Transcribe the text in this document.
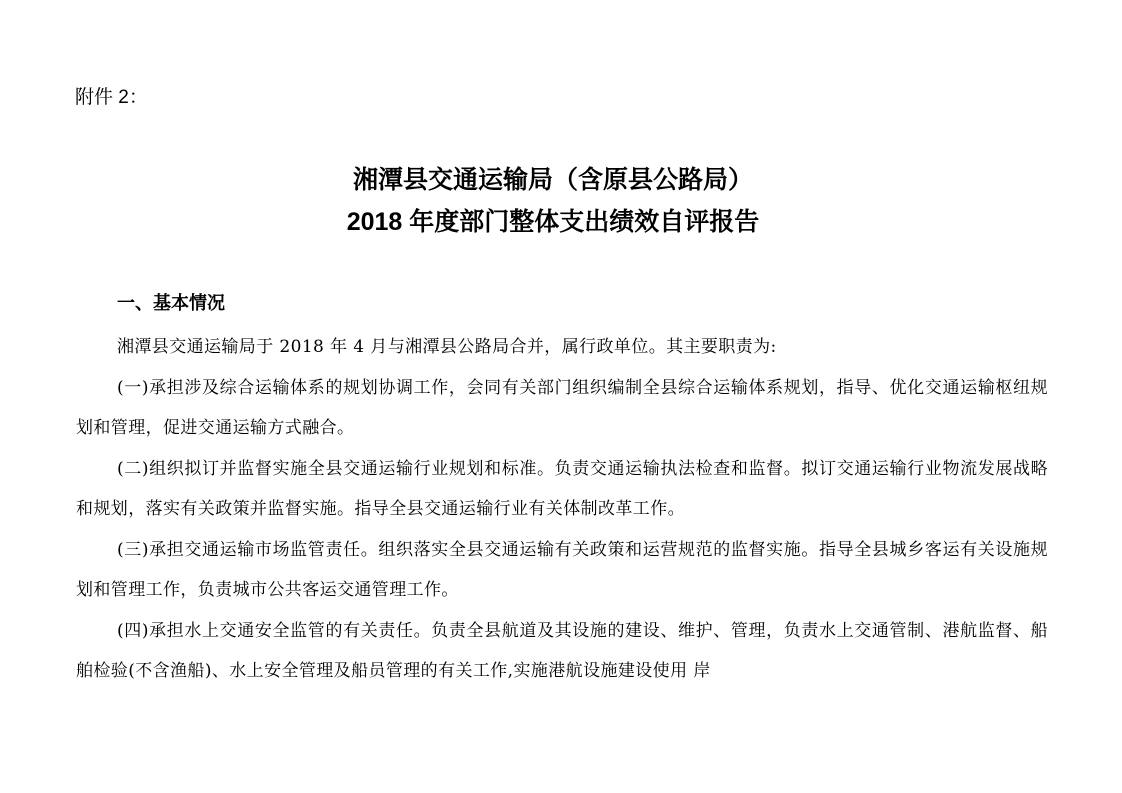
附件 2：
湘潭县交通运输局（含原县公路局）
2018 年度部门整体支出绩效自评报告
一、基本情况

湘潭县交通运输局于 2018 年 4 月与湘潭县公路局合并，属行政单位。其主要职责为:

(一)承担涉及综合运输体系的规划协调工作，会同有关部门组织编制全县综合运输体系规划，指导、优化交通运输枢纽规划和管理，促进交通运输方式融合。

(二)组织拟订并监督实施全县交通运输行业规划和标准。负责交通运输执法检查和监督。拟订交通运输行业物流发展战略和规划，落实有关政策并监督实施。指导全县交通运输行业有关体制改革工作。

(三)承担交通运输市场监管责任。组织落实全县交通运输有关政策和运营规范的监督实施。指导全县城乡客运有关设施规划和管理工作，负责城市公共客运交通管理工作。

(四)承担水上交通安全监管的有关责任。负责全县航道及其设施的建设、维护、管理，负责水上交通管制、港航监督、船舶检验(不含渔船)、水上安全管理及船员管理的有关工作,实施港航设施建设使用 岸
